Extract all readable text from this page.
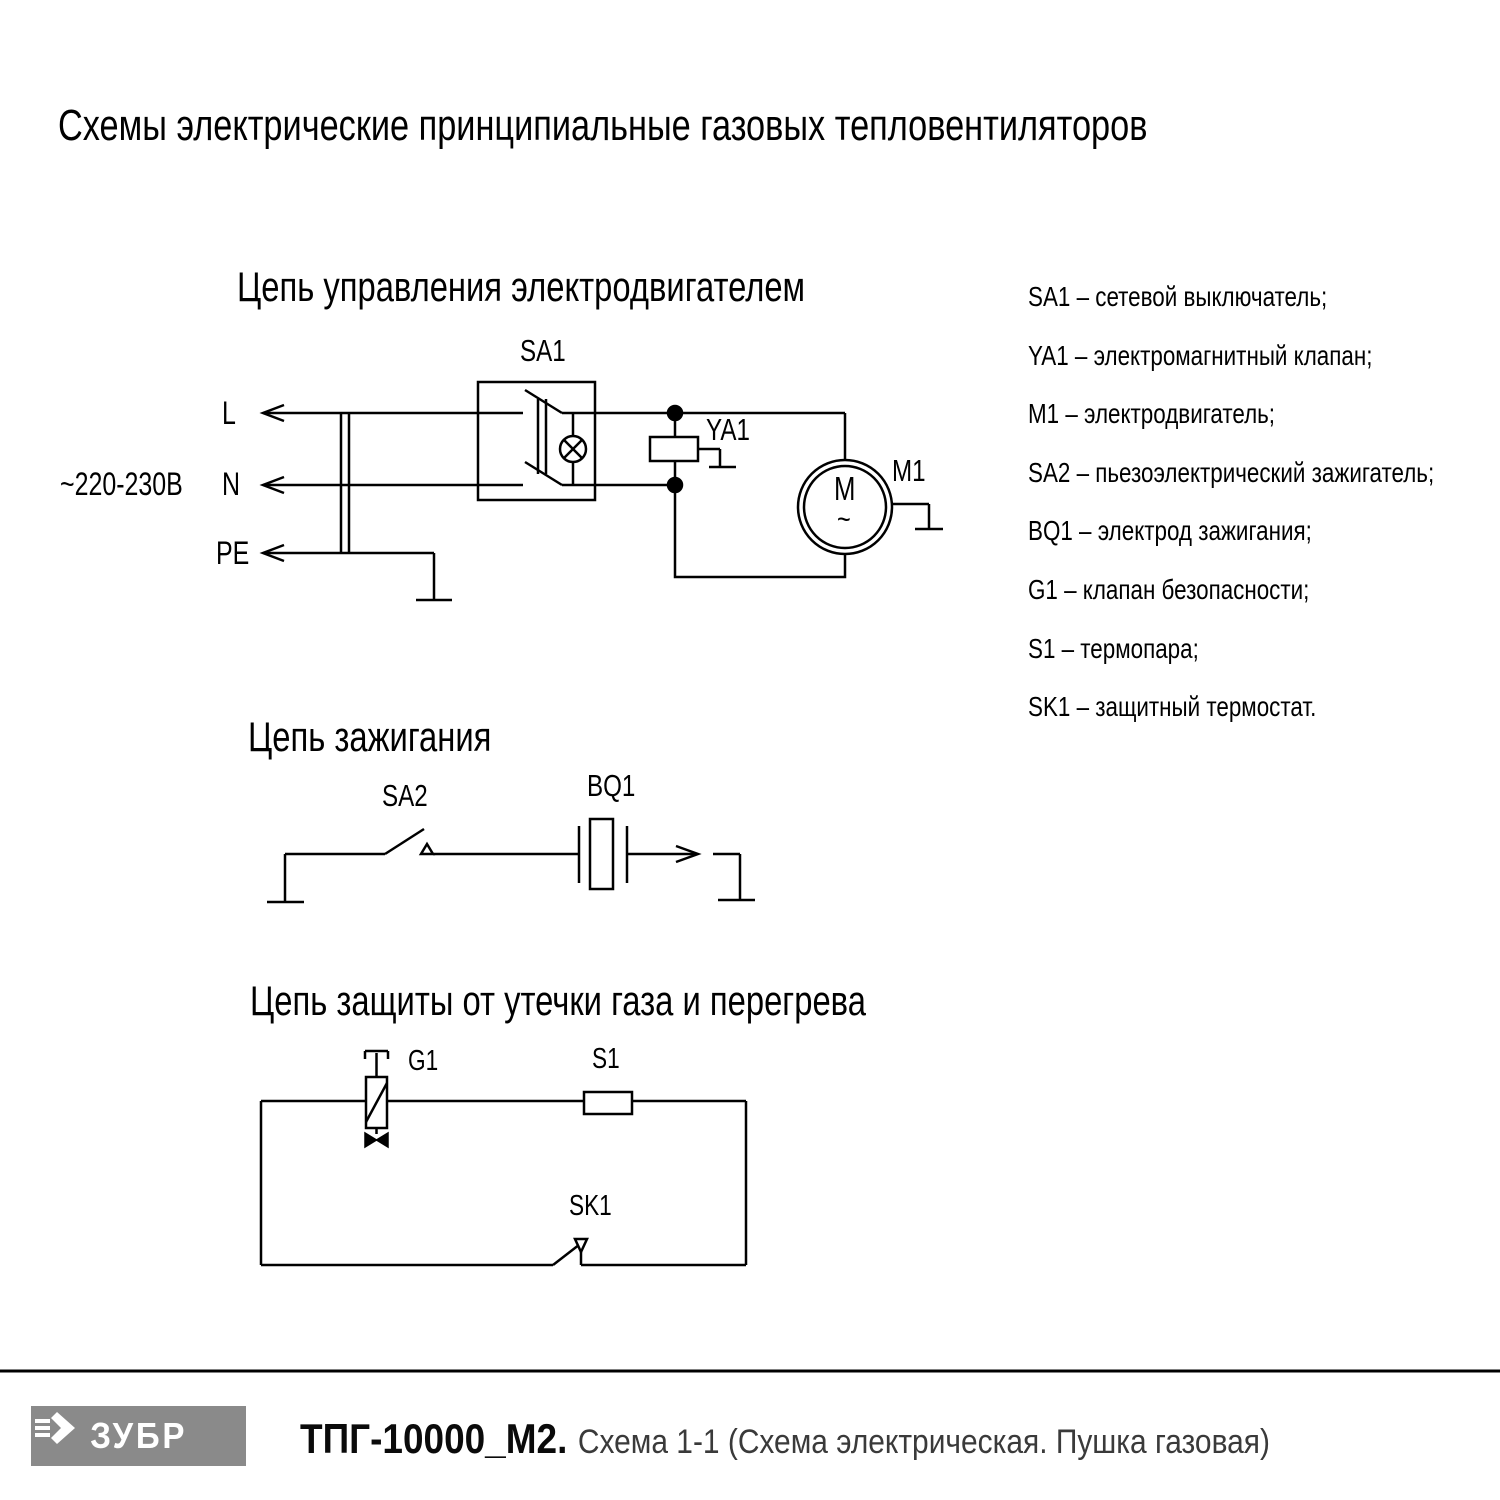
Схемы электрические принципиальные газовых тепловентиляторов
Цепь управления электродвигателем
~220-230В
L
N
PE
SA1
YA1
M1
М
~
Цепь зажигания
SA2	BQ1
Цепь защиты от утечки газа и перегрева
G1	S1
SK1
SA1 – сетевой выключатель;
YA1 – электромагнитный клапан;
M1 – электродвигатель;
SA2 – пьезоэлектрический зажигатель;
BQ1 – электрод зажигания;
G1 – клапан безопасности;
S1 – термопара;
SK1 – защитный термостат.
ЗУБР	ТПГ-10000_М2. Схема 1-1 (Схема электрическая. Пушка газовая)
